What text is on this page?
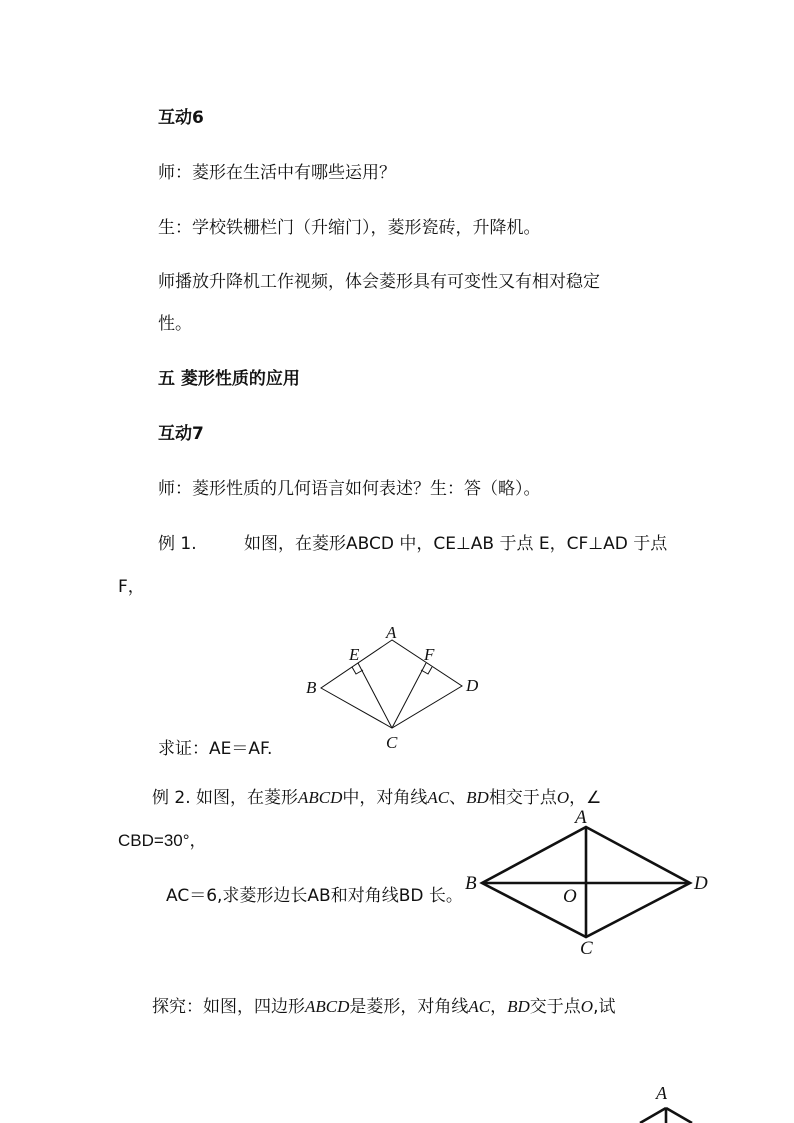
互动6
师：菱形在生活中有哪些运用？
生：学校铁栅栏门（升缩门），菱形瓷砖，升降机。
师播放升降机工作视频，体会菱形具有可变性又有相对稳定
性。
五 菱形性质的应用
互动7
师：菱形性质的几何语言如何表述？生：答（略）。
例 1.	如图，在菱形ABCD 中，CE⊥AB 于点 E，CF⊥AD 于点
F，
A
E	F
B	D
C
求证：AE＝AF.
例 2. 如图，在菱形ABCD中，对角线AC、BD相交于点O，∠
CBD=30°，
AC＝6,求菱形边长AB和对角线BD 长。
A
B	D
O
C
探究：如图，四边形ABCD是菱形，对角线AC，BD交于点O,试
A
